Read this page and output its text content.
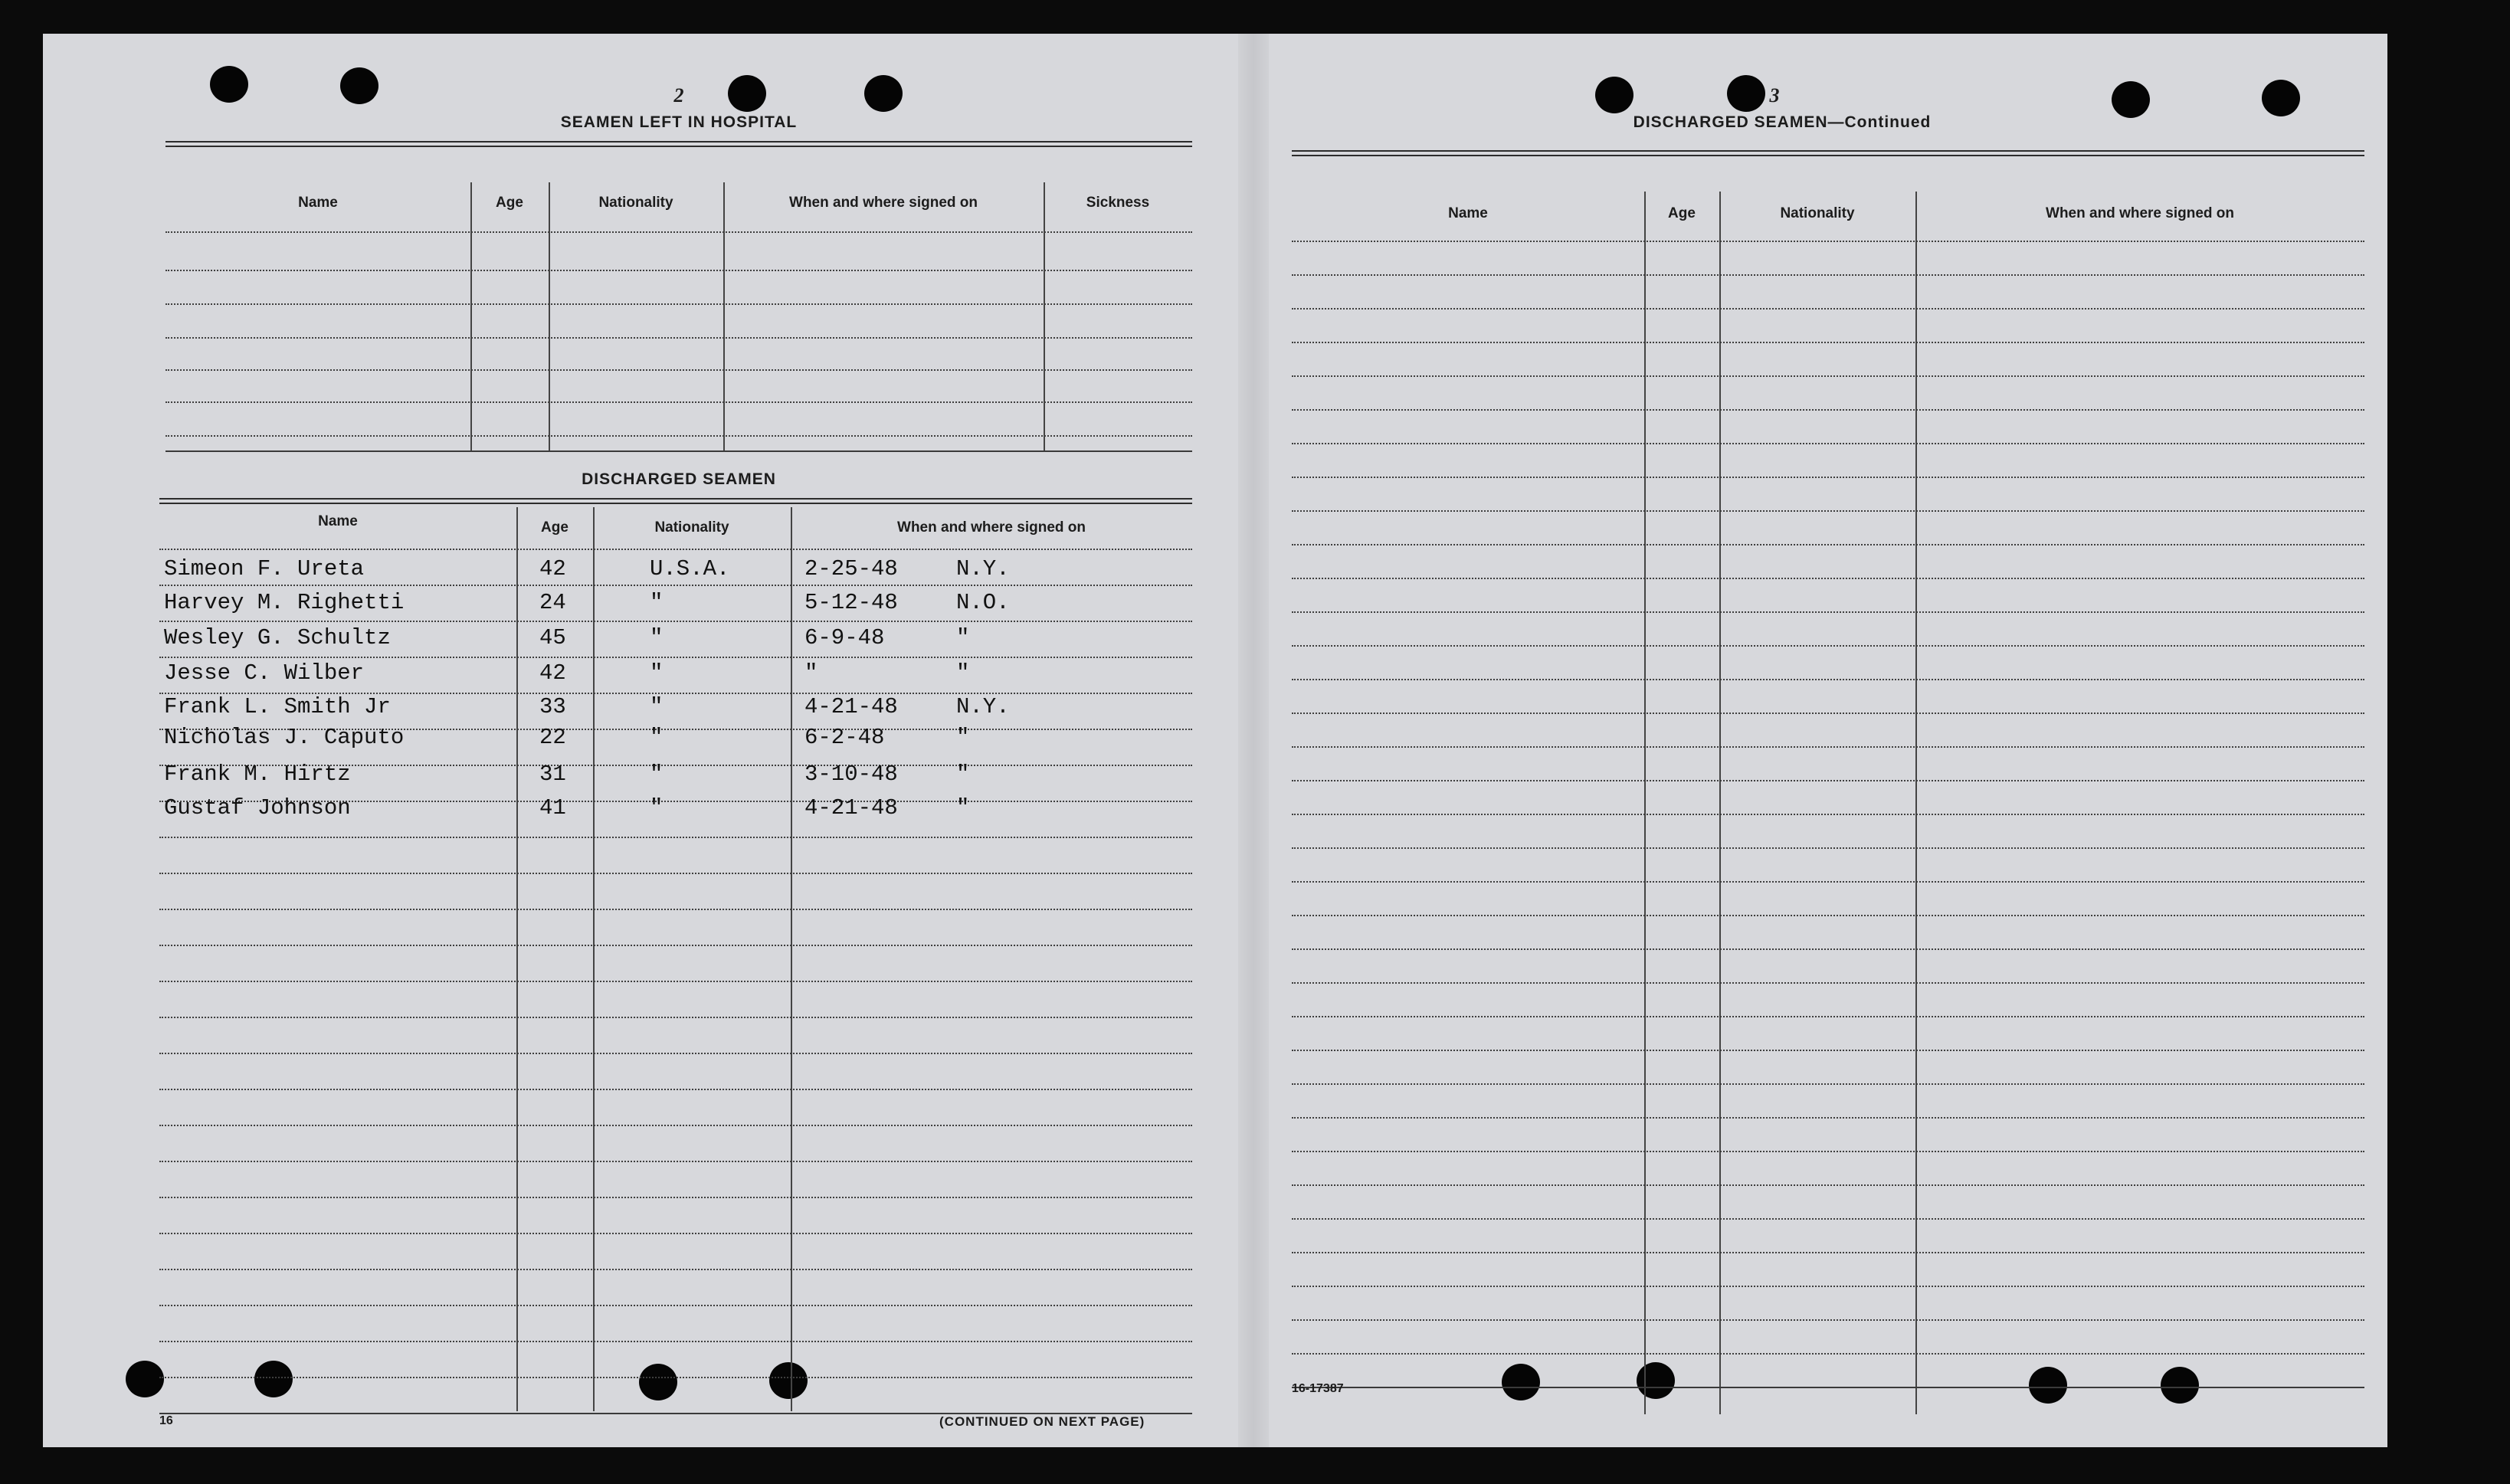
2
SEAMEN LEFT IN HOSPITAL
Name	Age	Nationality	When and where signed on	Sickness
DISCHARGED SEAMEN
Name	Age	Nationality	When and where signed on
Simeon F. Ureta	42	U.S.A.	2-25-48	N.Y.
Harvey M. Righetti	24	"	5-12-48	N.O.
Wesley G. Schultz	45	"	6-9-48	"
Jesse C. Wilber	42	"	"	"
Frank L. Smith Jr	33	"	4-21-48	N.Y.
Nicholas J. Caputo	22	"	6-2-48	"
Frank M. Hirtz	31	"	3-10-48	"
Gustaf Johnson	41	"	4-21-48	"
16	(CONTINUED ON NEXT PAGE)
3
DISCHARGED SEAMEN—Continued
Name	Age	Nationality	When and where signed on
16-17387
